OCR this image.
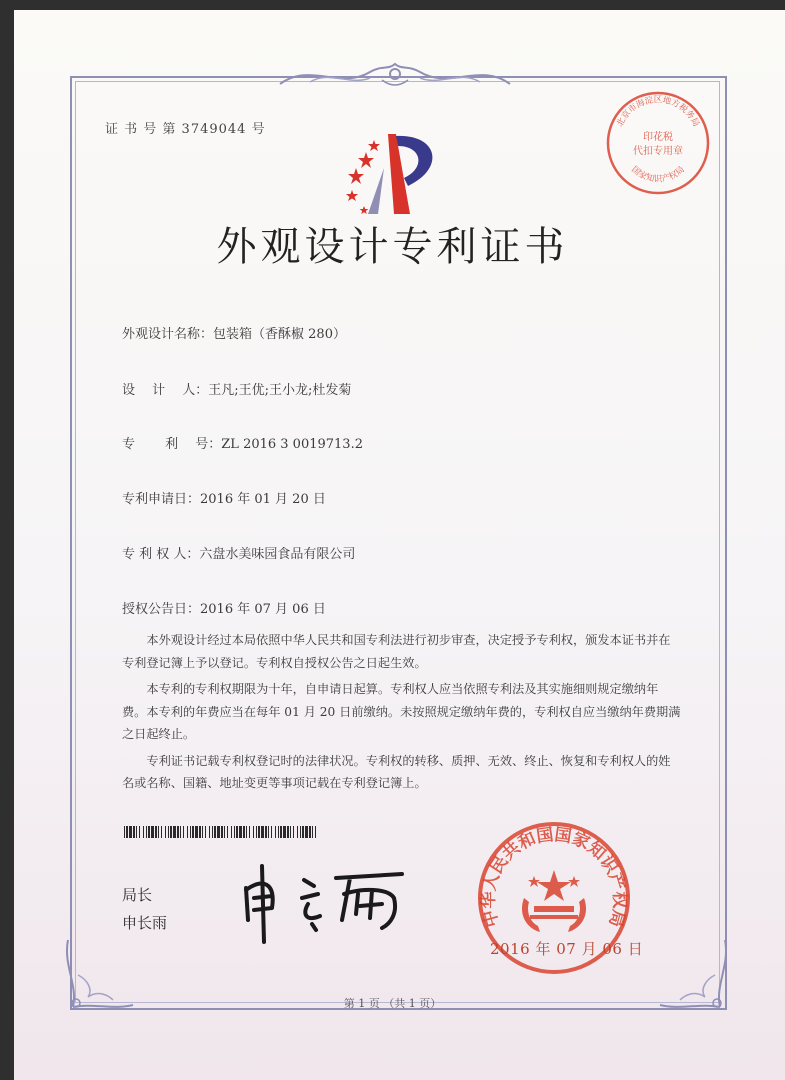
证 书 号 第 3749044 号	北京市海淀区地方税务局
印花税
代扣专用章
国家知识产权局
外观设计专利证书
外观设计名称：包装箱（香酥椒 280）
设　 计　 人：王凡;王优;王小龙;杜发菊
专　　 利　 号：ZL 2016 3 0019713.2
专利申请日：2016 年 01 月 20 日
专 利 权 人：六盘水美味园食品有限公司
授权公告日：2016 年 07 月 06 日

本外观设计经过本局依照中华人民共和国专利法进行初步审查，决定授予专利权，颁发本证书并在专利登记簿上予以登记。专利权自授权公告之日起生效。

本专利的专利权期限为十年，自申请日起算。专利权人应当依照专利法及其实施细则规定缴纳年费。本专利的年费应当在每年 01 月 20 日前缴纳。未按照规定缴纳年费的，专利权自应当缴纳年费期满之日起终止。

专利证书记载专利权登记时的法律状况。专利权的转移、质押、无效、终止、恢复和专利权人的姓名或名称、国籍、地址变更等事项记载在专利登记簿上。

局长
申长雨	中华人民共和国国家知识产权局
2016 年 07 月 06 日
第 1 页 （共 1 页）
